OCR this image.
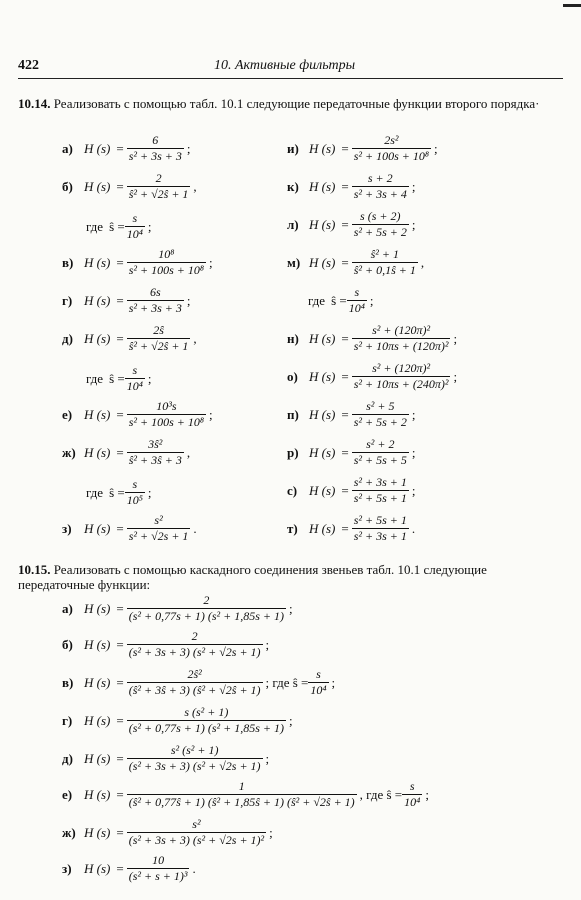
422	10. Активные фильтры
10.14. Реализовать с помощью табл. 10.1 следующие передаточные функции второго порядка·
а) H $(s) = \frac{6}{\text{s² + 3s + 3}}$ ;
б) H $(s) = \frac{2}{\text{ŝ² + √2ŝ + 1}}$ ,
в) H $(s) = \frac{\text{10⁸}}{\text{s² + 100s + 10⁸}}$ ;
г) H $(s) = \frac{6s}{\text{s² + 3s + 3}}$ ;
д) H $(s) = \frac{2ŝ}{\text{ŝ² + √2ŝ + 1}}$ ,
е) H $(s) = \frac{\text{10³s}}{\text{s² + 100s + 10⁸}}$ ;
ж) H $(s) = \frac{\text{3ŝ²}}{\text{ŝ² + 3ŝ + 3}}$ ,
з) H $(s) = \frac{\text{s²}}{\text{s² + √2s + 1}}$ .
где ŝ = $\frac{s}{\text{10⁴}}$ ;
где ŝ = $\frac{s}{\text{10⁴}}$ ;
где ŝ = $\frac{s}{\text{10⁵}}$ ;
и) H $(s) = \frac{\text{2s²}}{\text{s² + 100s + 10⁸}}$ ;
к) H $(s) = \frac{s + 2}{\text{s² + 3s + 4}}$ ;
л) H $(s) = \frac{s (s + 2)}{\text{s² + 5s + 2}}$ ;
м) H $(s) = \frac{\text{ŝ² + 1}}{\text{ŝ² + 0,1ŝ + 1}}$ ,
н) H $(s) = \frac{\text{s² + (120π)²}}{\text{s² + 10πs + (120π)²}}$ ;
о) H $(s) = \frac{\text{s² + (120π)²}}{\text{s² + 10πs + (240π)²}}$ ;
п) H $(s) = \frac{\text{s² + 5}}{\text{s² + 5s + 2}}$ ;
р) H $(s) = \frac{\text{s² + 2}}{\text{s² + 5s + 5}}$ ;
с) H $(s) = \frac{\text{s² + 3s + 1}}{\text{s² + 5s + 1}}$ ;
т) H $(s) = \frac{\text{s² + 5s + 1}}{\text{s² + 3s + 1}}$ .
где ŝ = $\frac{s}{\text{10⁴}}$ ;
10.15. Реализовать с помощью каскадного соединения звеньев табл. 10.1 следующие передаточные функции:
а) H $(s) = \frac{2}{\text{(s² + 0,77s + 1) (s² + 1,85s + 1)}}$ ;
б) H $(s) = \frac{2}{\text{(s² + 3s + 3) (s² + √2s + 1)}}$ ;
в) H $(s) = \frac{\text{2ŝ²}}{\text{(ŝ² + 3ŝ + 3) (ŝ² + √2ŝ + 1)}}$ ; где ŝ = $\frac{s}{\text{10⁴}}$ ;
г) H $(s) = \frac{\text{s (s² + 1)}}{\text{(s² + 0,77s + 1) (s² + 1,85s + 1)}}$ ;
д) H $(s) = \frac{\text{s² (s² + 1)}}{\text{(s² + 3s + 3) (s² + √2s + 1)}}$ ;
е) H $(s) = \frac{1}{\text{(ŝ² + 0,77ŝ + 1) (ŝ² + 1,85ŝ + 1) (ŝ² + √2ŝ + 1)}}$ , где ŝ = $\frac{s}{\text{10⁴}}$ ;
ж) H $(s) = \frac{\text{s²}}{\text{(s² + 3s + 3) (s² + √2s + 1)²}}$ ;
з) H $(s) = \frac{10}{\text{(s² + s + 1)³}}$ .
